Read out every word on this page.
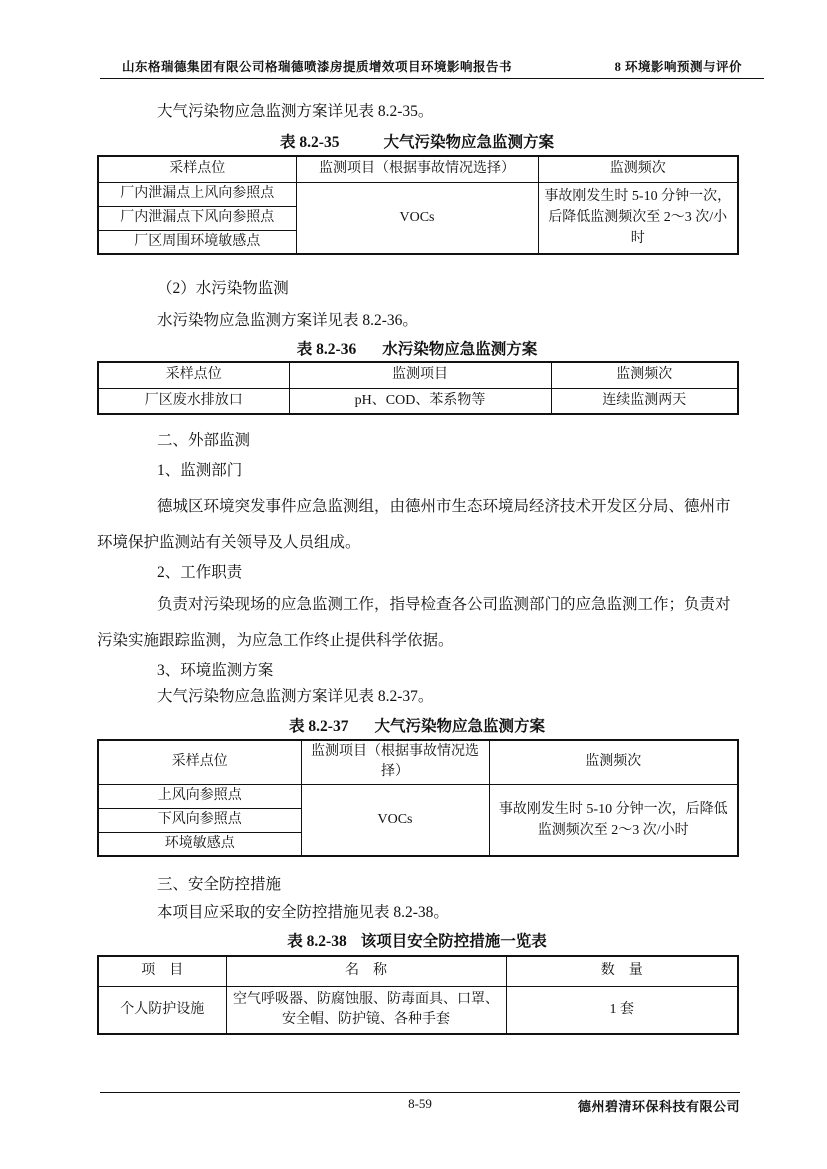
山东格瑞德集团有限公司格瑞德喷漆房提质增效项目环境影响报告书	8 环境影响预测与评价

大气污染物应急监测方案详见表 8.2-35。

表 8.2-35	大气污染物应急监测方案
采样点位	监测项目（根据事故情况选择）	监测频次
厂内泄漏点上风向参照点	VOCs	事故刚发生时 5-10 分钟一次，后降低监测频次至 2～3 次/小时
厂内泄漏点下风向参照点		
厂区周围环境敏感点		

（2）水污染物监测

水污染物应急监测方案详见表 8.2-36。

表 8.2-36 水污染物应急监测方案
采样点位	监测项目	监测频次
厂区废水排放口	pH、COD、苯系物等	连续监测两天

二、外部监测

1、监测部门

德城区环境突发事件应急监测组，由德州市生态环境局经济技术开发区分局、德州市环境保护监测站有关领导及人员组成。

2、工作职责

负责对污染现场的应急监测工作，指导检查各公司监测部门的应急监测工作；负责对污染实施跟踪监测，为应急工作终止提供科学依据。

3、环境监测方案

大气污染物应急监测方案详见表 8.2-37。

表 8.2-37 大气污染物应急监测方案
采样点位	监测项目（根据事故情况选择）	监测频次
上风向参照点	VOCs	事故刚发生时 5-10 分钟一次，后降低监测频次至 2～3 次/小时
下风向参照点		
环境敏感点		

三、安全防控措施

本项目应采取的安全防控措施见表 8.2-38。

表 8.2-38 该项目安全防控措施一览表
项　目	名　称	数　量
个人防护设施	空气呼吸器、防腐蚀服、防毒面具、口罩、安全帽、防护镜、各种手套	1 套
8-59	德州碧清环保科技有限公司
